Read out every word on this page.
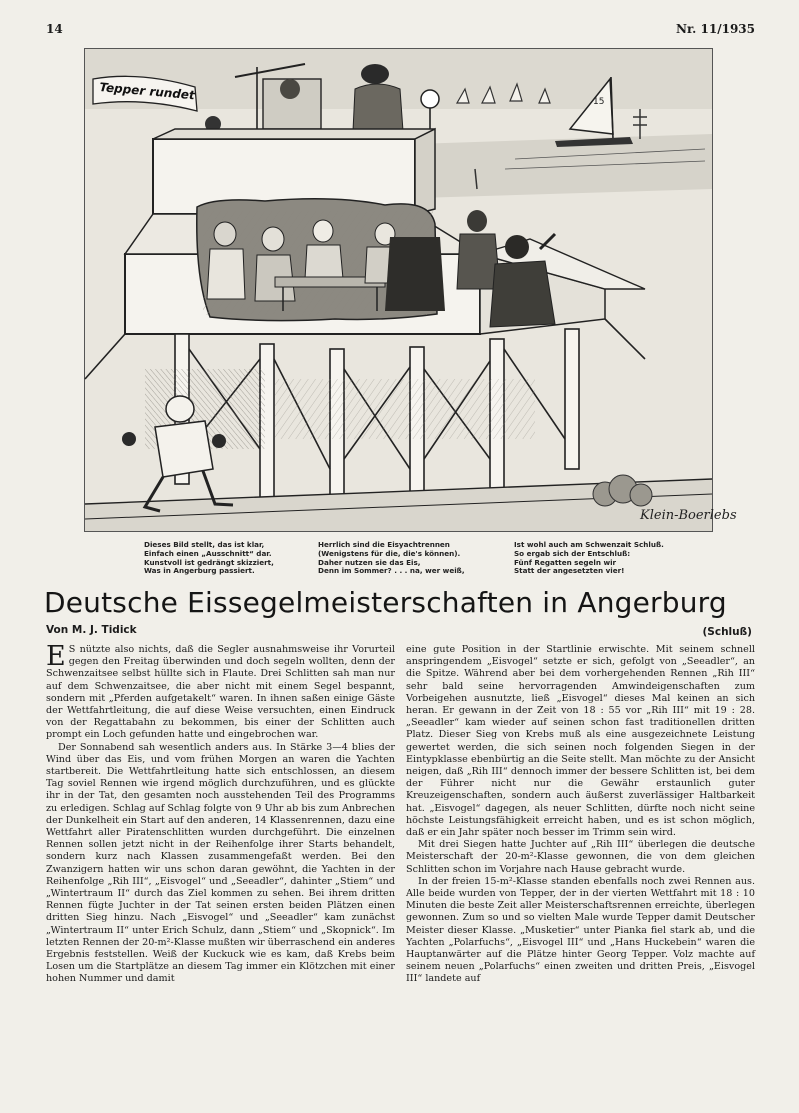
14	Nr. 11/1935
15
Tepper rundet
Klein-Boerlebs
Dieses Bild stellt, das ist klar,
Einfach einen „Ausschnitt“ dar.
Kunstvoll ist gedrängt skizziert,
Was in Angerburg passiert.
Herrlich sind die Eisyachtrennen
(Wenigstens für die, die's können).
Daher nutzen sie das Eis,
Denn im Sommer? . . . na, wer weiß,
Ist wohl auch am Schwenzait Schluß.
So ergab sich der Entschluß:
Fünf Regatten segeln wir
Statt der angesetzten vier!
Deutsche Eissegelmeisterschaften in Angerburg
Von M. J. Tidick	(Schluß)

E S nützte also nichts, daß die Segler ausnahmsweise ihr Vorurteil gegen den Freitag überwinden und doch segeln wollten, denn der Schwenzaitsee selbst hüllte sich in Flaute. Drei Schlitten sah man nur auf dem Schwenzaitsee, die aber nicht mit einem Segel bespannt, sondern mit „Pferden aufgetakelt“ waren. In ihnen saßen einige Gäste der Wettfahrtleitung, die auf diese Weise versuchten, einen Eindruck von der Regattabahn zu bekommen, bis einer der Schlitten auch prompt ein Loch gefunden hatte und eingebrochen war.

Der Sonnabend sah wesentlich anders aus. In Stärke 3—4 blies der Wind über das Eis, und vom frühen Morgen an waren die Yachten startbereit. Die Wettfahrtleitung hatte sich entschlossen, an diesem Tag soviel Rennen wie irgend möglich durchzuführen, und es glückte ihr in der Tat, den gesamten noch ausstehenden Teil des Programms zu erledigen. Schlag auf Schlag folgte von 9 Uhr ab bis zum Anbrechen der Dunkelheit ein Start auf den anderen, 14 Klassenrennen, dazu eine Wettfahrt aller Piratenschlitten wurden durchgeführt. Die einzelnen Rennen sollen jetzt nicht in der Reihenfolge ihrer Starts behandelt, sondern kurz nach Klassen zusammengefaßt werden. Bei den Zwanzigern hatten wir uns schon daran gewöhnt, die Yachten in der Reihenfolge „Rih III“, „Eisvogel“ und „Seeadler“, dahinter „Stiem“ und „Wintertraum II“ durch das Ziel kommen zu sehen. Bei ihrem dritten Rennen fügte Juchter in der Tat seinen ersten beiden Plätzen einen dritten Sieg hinzu. Nach „Eisvogel“ und „Seeadler“ kam zunächst „Wintertraum II“ unter Erich Schulz, dann „Stiem“ und „Skopnick“. Im letzten Rennen der 20-m²-Klasse mußten wir überraschend ein anderes Ergebnis feststellen. Weiß der Kuckuck wie es kam, daß Krebs beim Losen um die Startplätze an diesem Tag immer ein Klötzchen mit einer hohen Nummer und damit

eine gute Position in der Startlinie erwischte. Mit seinem schnell anspringendem „Eisvogel“ setzte er sich, gefolgt von „Seeadler“, an die Spitze. Während aber bei dem vorhergehenden Rennen „Rih III“ sehr bald seine hervorragenden Amwindeigenschaften zum Vorbeigehen ausnutzte, ließ „Eisvogel“ dieses Mal keinen an sich heran. Er gewann in der Zeit von 18 : 55 vor „Rih III“ mit 19 : 28. „Seeadler“ kam wieder auf seinen schon fast traditionellen dritten Platz. Dieser Sieg von Krebs muß als eine ausgezeichnete Leistung gewertet werden, die sich seinen noch folgenden Siegen in der Eintypklasse ebenbürtig an die Seite stellt. Man möchte zu der Ansicht neigen, daß „Rih III“ dennoch immer der bessere Schlitten ist, bei dem der Führer nicht nur die Gewähr erstaunlich guter Kreuzeigenschaften, sondern auch äußerst zuverlässiger Haltbarkeit hat. „Eisvogel“ dagegen, als neuer Schlitten, dürfte noch nicht seine höchste Leistungsfähigkeit erreicht haben, und es ist schon möglich, daß er ein Jahr später noch besser im Trimm sein wird.

Mit drei Siegen hatte Juchter auf „Rih III“ überlegen die deutsche Meisterschaft der 20-m²-Klasse gewonnen, die von dem gleichen Schlitten schon im Vorjahre nach Hause gebracht wurde.

In der freien 15-m²-Klasse standen ebenfalls noch zwei Rennen aus. Alle beide wurden von Tepper, der in der vierten Wettfahrt mit 18 : 10 Minuten die beste Zeit aller Meisterschaftsrennen erreichte, überlegen gewonnen. Zum so und so vielten Male wurde Tepper damit Deutscher Meister dieser Klasse. „Musketier“ unter Pianka fiel stark ab, und die Yachten „Polarfuchs“, „Eisvogel III“ und „Hans Huckebein“ waren die Hauptanwärter auf die Plätze hinter Georg Tepper. Volz machte auf seinem neuen „Polarfuchs“ einen zweiten und dritten Preis, „Eisvogel III“ landete auf
